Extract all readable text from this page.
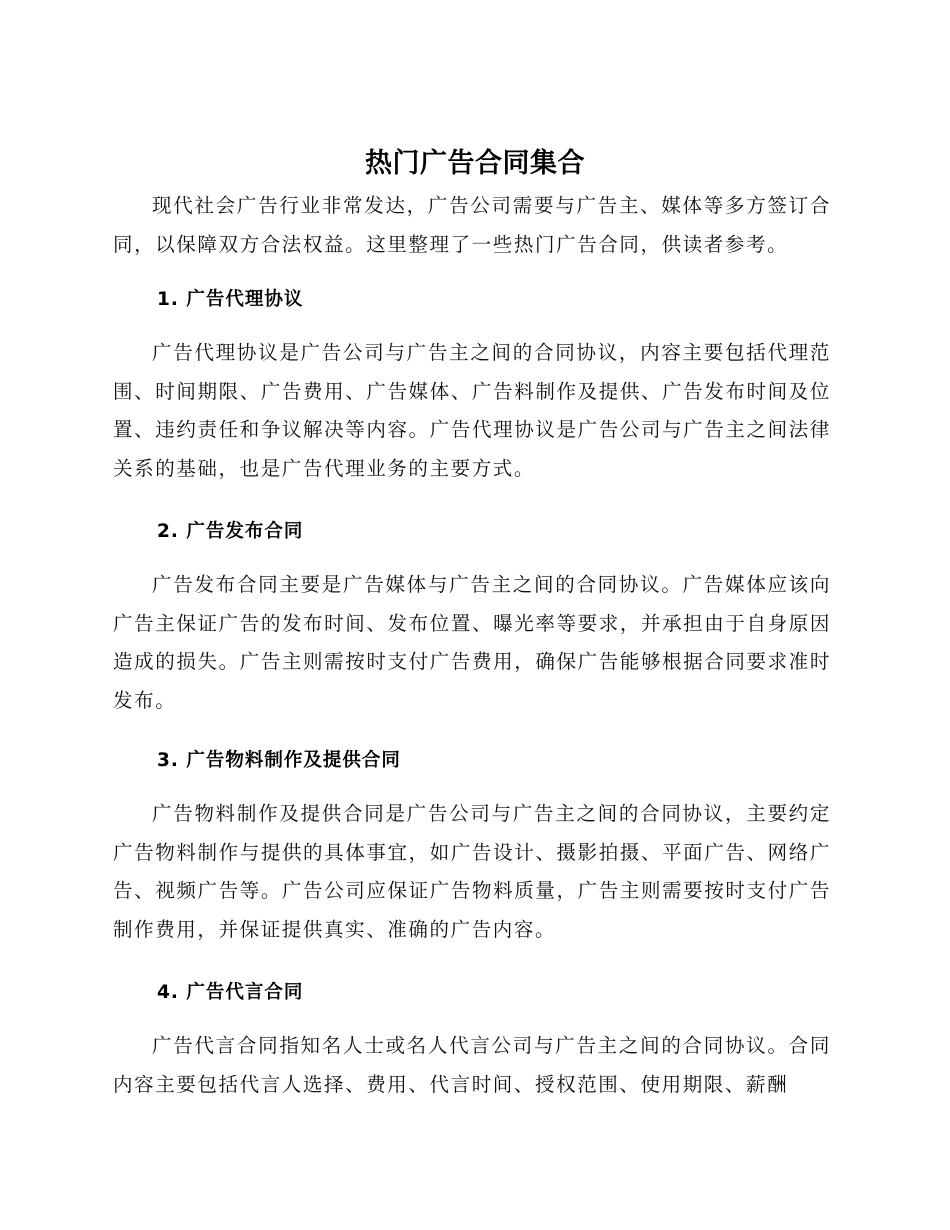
热门广告合同集合

现代社会广告行业非常发达，广告公司需要与广告主、媒体等多方签订合同，以保障双方合法权益。这里整理了一些热门广告合同，供读者参考。

1. 广告代理协议

广告代理协议是广告公司与广告主之间的合同协议，内容主要包括代理范围、时间期限、广告费用、广告媒体、广告料制作及提供、广告发布时间及位置、违约责任和争议解决等内容。广告代理协议是广告公司与广告主之间法律关系的基础，也是广告代理业务的主要方式。

2. 广告发布合同

广告发布合同主要是广告媒体与广告主之间的合同协议。广告媒体应该向广告主保证广告的发布时间、发布位置、曝光率等要求，并承担由于自身原因造成的损失。广告主则需按时支付广告费用，确保广告能够根据合同要求准时发布。

3. 广告物料制作及提供合同

广告物料制作及提供合同是广告公司与广告主之间的合同协议，主要约定广告物料制作与提供的具体事宜，如广告设计、摄影拍摄、平面广告、网络广告、视频广告等。广告公司应保证广告物料质量，广告主则需要按时支付广告制作费用，并保证提供真实、准确的广告内容。

4. 广告代言合同

广告代言合同指知名人士或名人代言公司与广告主之间的合同协议。合同内容主要包括代言人选择、费用、代言时间、授权范围、使用期限、薪酬
